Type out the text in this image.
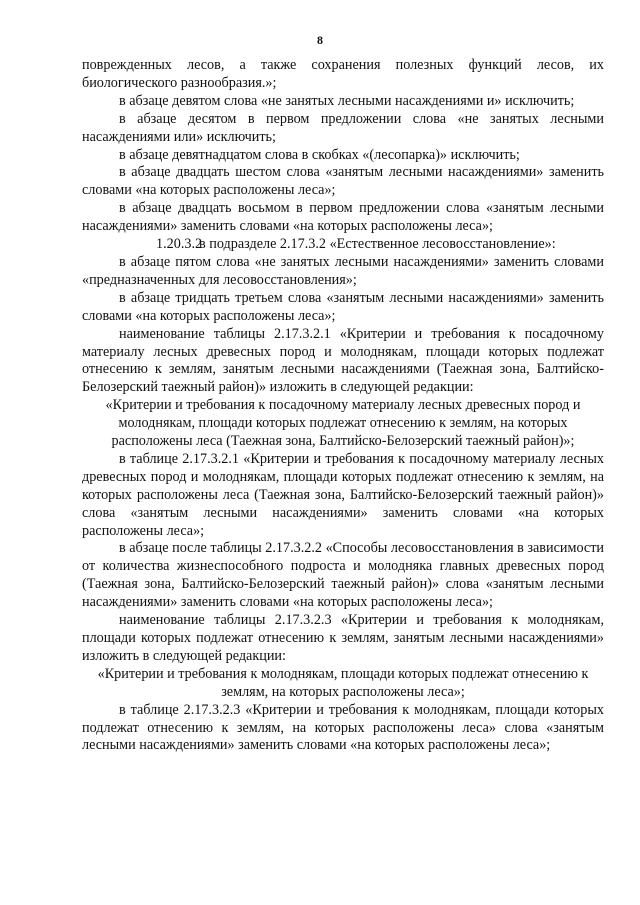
8

поврежденных лесов, а также сохранения полезных функций лесов, их биологического разнообразия.»;

в абзаце девятом слова «не занятых лесными насаждениями и» исключить;

в абзаце десятом в первом предложении слова «не занятых лесными насаждениями или» исключить;

в абзаце девятнадцатом слова в скобках «(лесопарка)» исключить;

в абзаце двадцать шестом слова «занятым лесными насаждениями» заменить словами «на которых расположены леса»;

в абзаце двадцать восьмом в первом предложении слова «занятым лесными насаждениями» заменить словами «на которых расположены леса»;

1.20.3.2в подразделе 2.17.3.2 «Естественное лесовосстановление»:

в абзаце пятом слова «не занятых лесными насаждениями» заменить словами «предназначенных для лесовосстановления»;

в абзаце тридцать третьем слова «занятым лесными насаждениями» заменить словами «на которых расположены леса»;

наименование таблицы 2.17.3.2.1 «Критерии и требования к посадочному материалу лесных древесных пород и молоднякам, площади которых подлежат отнесению к землям, занятым лесными насаждениями (Таежная зона, Балтийско-Белозерский таежный район)» изложить в следующей редакции:

«Критерии и требования к посадочному материалу лесных древесных пород и молоднякам, площади которых подлежат отнесению к землям, на которых расположены леса (Таежная зона, Балтийско-Белозерский таежный район)»;

в таблице 2.17.3.2.1 «Критерии и требования к посадочному материалу лесных древесных пород и молоднякам, площади которых подлежат отнесению к землям, на которых расположены леса (Таежная зона, Балтийско-Белозерский таежный район)» слова «занятым лесными насаждениями» заменить словами «на которых расположены леса»;

в абзаце после таблицы 2.17.3.2.2 «Способы лесовосстановления в зависимости от количества жизнеспособного подроста и молодняка главных древесных пород (Таежная зона, Балтийско-Белозерский таежный район)» слова «занятым лесными насаждениями» заменить словами «на которых расположены леса»;

наименование таблицы 2.17.3.2.3 «Критерии и требования к молоднякам, площади которых подлежат отнесению к землям, занятым лесными насаждениями» изложить в следующей редакции:

«Критерии и требования к молоднякам, площади которых подлежат отнесению к землям, на которых расположены леса»;

в таблице 2.17.3.2.3 «Критерии и требования к молоднякам, площади которых подлежат отнесению к землям, на которых расположены леса» слова «занятым лесными насаждениями» заменить словами «на которых расположены леса»;
